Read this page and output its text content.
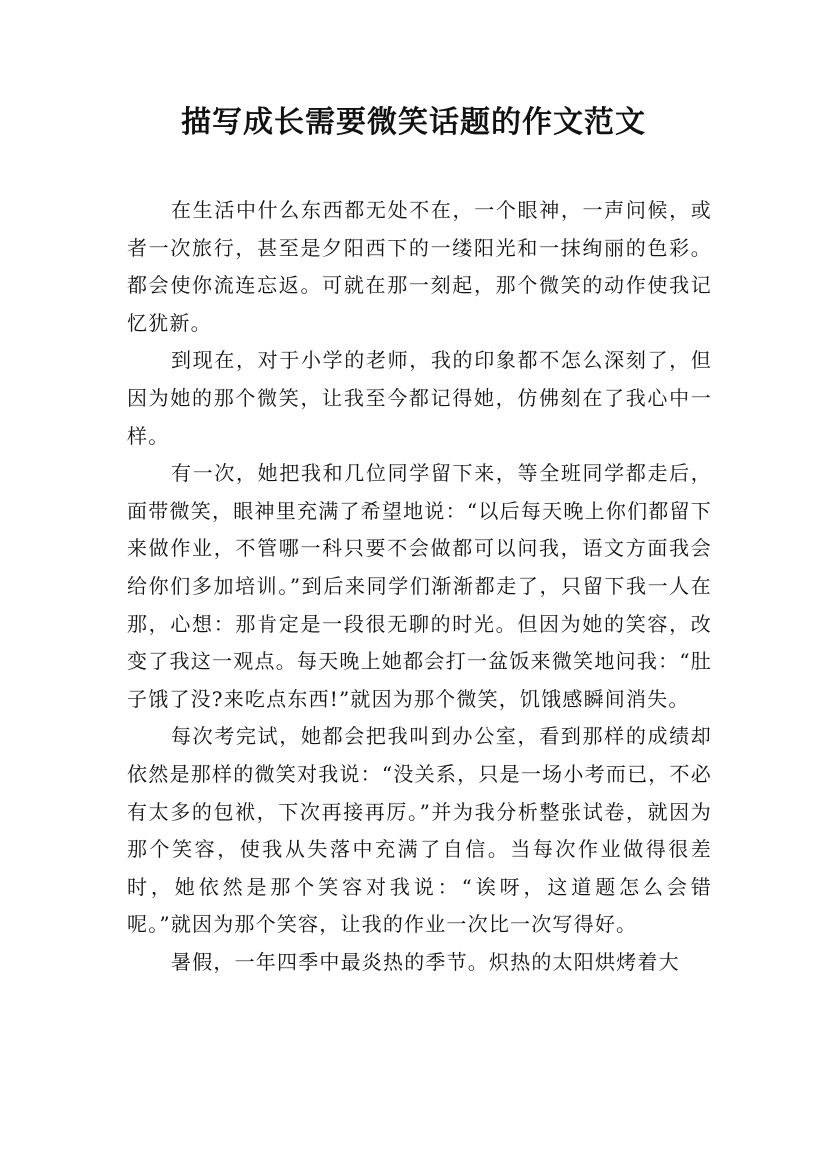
描写成长需要微笑话题的作文范文

在生活中什么东西都无处不在，一个眼神，一声问候，或者一次旅行，甚至是夕阳西下的一缕阳光和一抹绚丽的色彩。都会使你流连忘返。可就在那一刻起，那个微笑的动作使我记忆犹新。

到现在，对于小学的老师，我的印象都不怎么深刻了，但因为她的那个微笑，让我至今都记得她，仿佛刻在了我心中一样。

有一次，她把我和几位同学留下来，等全班同学都走后，面带微笑，眼神里充满了希望地说：“以后每天晚上你们都留下来做作业，不管哪一科只要不会做都可以问我，语文方面我会给你们多加培训。”到后来同学们渐渐都走了，只留下我一人在那，心想：那肯定是一段很无聊的时光。但因为她的笑容，改变了我这一观点。每天晚上她都会打一盆饭来微笑地问我：“肚子饿了没?来吃点东西!”就因为那个微笑，饥饿感瞬间消失。

每次考完试，她都会把我叫到办公室，看到那样的成绩却依然是那样的微笑对我说：“没关系，只是一场小考而已，不必有太多的包袱，下次再接再厉。”并为我分析整张试卷，就因为那个笑容，使我从失落中充满了自信。当每次作业做得很差时，她依然是那个笑容对我说：“诶呀，这道题怎么会错呢。”就因为那个笑容，让我的作业一次比一次写得好。

暑假，一年四季中最炎热的季节。炽热的太阳烘烤着大
